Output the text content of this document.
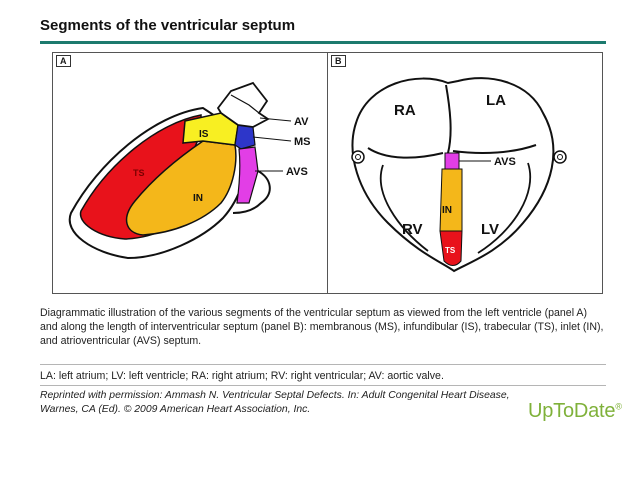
Segments of the ventricular septum
A
AV
MS
AVS
IS
TS
IN
B
RA
LA
AVS
RV	LV
IN
TS
Diagrammatic illustration of the various segments of the ventricular septum as viewed from the left ventricle (panel A) and along the length of interventricular septum (panel B): membranous (MS), infundibular (IS), trabecular (TS), inlet (IN), and atrioventricular (AVS) septum.
LA: left atrium; LV: left ventricle; RA: right atrium; RV: right ventricular; AV: aortic valve.
Reprinted with permission: Ammash N. Ventricular Septal Defects. In: Adult Congenital Heart Disease, Warnes, CA (Ed). © 2009 American Heart Association, Inc.	UpToDate®
